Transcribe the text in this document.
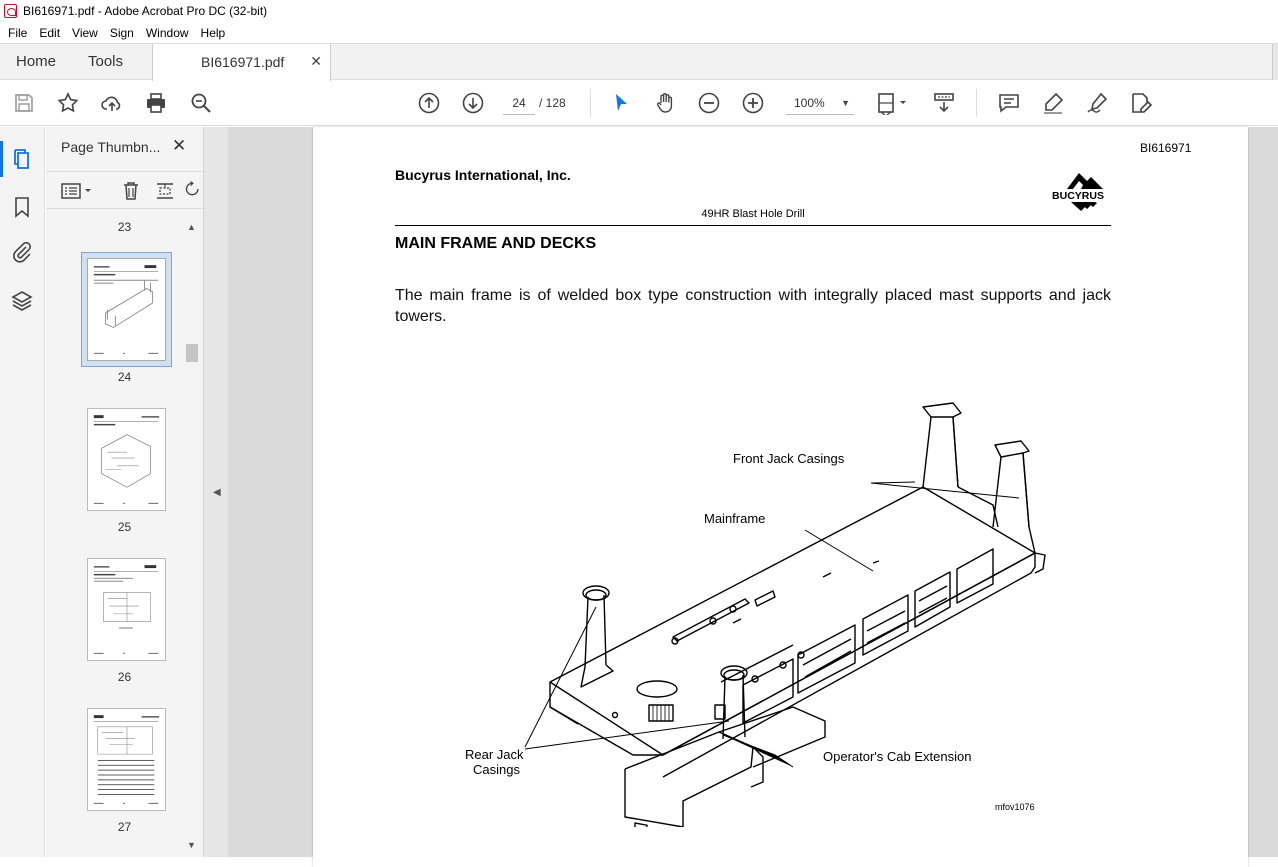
BI616971.pdf - Adobe Acrobat Pro DC (32-bit)
File	Edit	View	Sign	Window	Help
Home Tools	BI616971.pdf ✕
24	/ 128	100% ▼
Page Thumbn... ✕
23
24
25
26
27
▲
▼
◀
BI616971
Bucyrus International, Inc.
BUCYRUS
49HR Blast Hole Drill
MAIN FRAME AND DECKS
The main frame is of welded box type construction with integrally placed mast supports and jack towers.
Front Jack Casings
Mainframe
Rear Jack
Casings
Operator's Cab Extension
mfov1076
